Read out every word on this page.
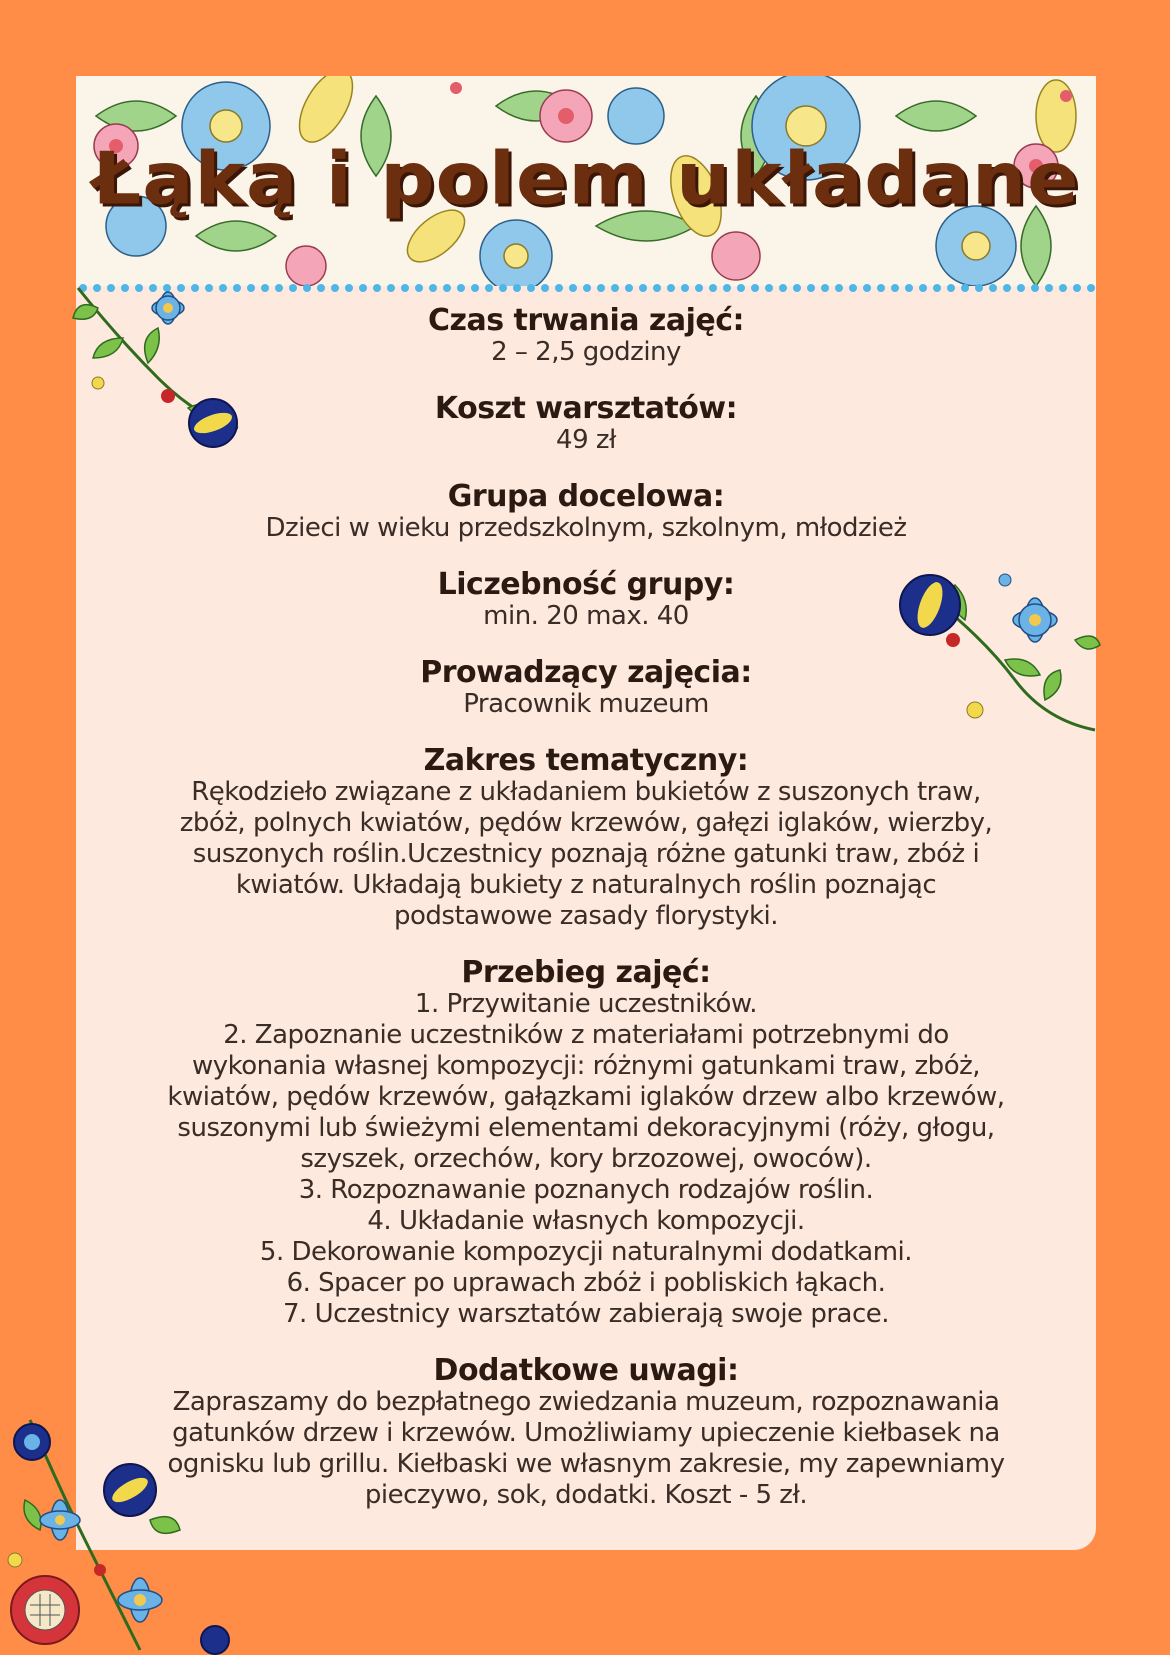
Łąką i polem układane
Czas trwania zajęć:
2 – 2,5 godziny
Koszt warsztatów:
49 zł
Grupa docelowa:
Dzieci w wieku przedszkolnym, szkolnym, młodzież
Liczebność grupy:
min. 20 max. 40
Prowadzący zajęcia:
Pracownik muzeum
Zakres tematyczny:
Rękodzieło związane z układaniem bukietów z suszonych traw,
zbóż, polnych kwiatów, pędów krzewów, gałęzi iglaków, wierzby,
suszonych roślin.Uczestnicy poznają różne gatunki traw, zbóż i
kwiatów. Układają bukiety z naturalnych roślin poznając
podstawowe zasady florystyki.
Przebieg zajęć:
1. Przywitanie uczestników.
2. Zapoznanie uczestników z materiałami potrzebnymi do
wykonania własnej kompozycji: różnymi gatunkami traw, zbóż,
kwiatów, pędów krzewów, gałązkami iglaków drzew albo krzewów,
suszonymi lub świeżymi elementami dekoracyjnymi (róży, głogu,
szyszek, orzechów, kory brzozowej, owoców).
3. Rozpoznawanie poznanych rodzajów roślin.
4. Układanie własnych kompozycji.
5. Dekorowanie kompozycji naturalnymi dodatkami.
6. Spacer po uprawach zbóż i pobliskich łąkach.
7. Uczestnicy warsztatów zabierają swoje prace.
Dodatkowe uwagi:
Zapraszamy do bezpłatnego zwiedzania muzeum, rozpoznawania
gatunków drzew i krzewów. Umożliwiamy upieczenie kiełbasek na
ognisku lub grillu. Kiełbaski we własnym zakresie, my zapewniamy
pieczywo, sok, dodatki. Koszt - 5 zł.
